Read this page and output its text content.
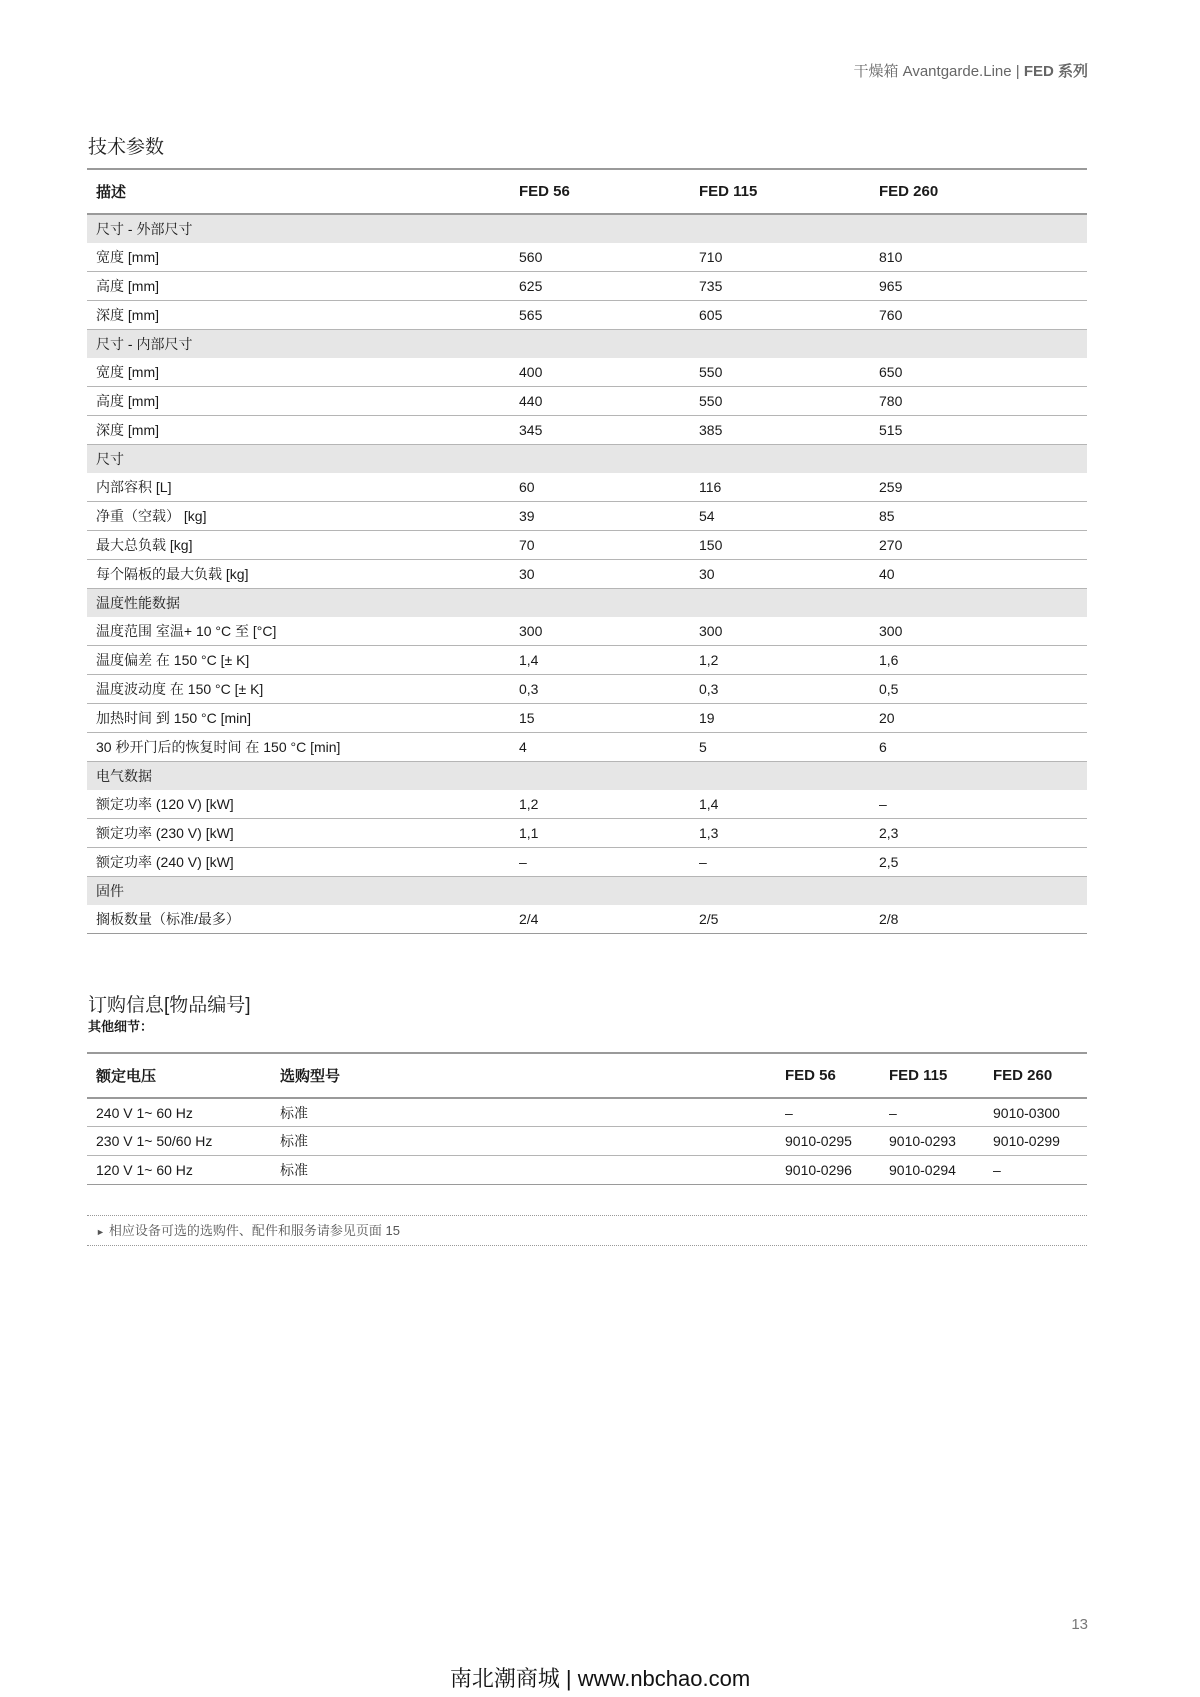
干燥箱 Avantgarde.Line | FED 系列
技术参数
描述	FED 56	FED 115	FED 260
尺寸 - 外部尺寸			
宽度 [mm]	560	710	810
高度 [mm]	625	735	965
深度 [mm]	565	605	760
尺寸 - 内部尺寸			
宽度 [mm]	400	550	650
高度 [mm]	440	550	780
深度 [mm]	345	385	515
尺寸			
内部容积 [L]	60	116	259
净重（空载） [kg]	39	54	85
最大总负载 [kg]	70	150	270
每个隔板的最大负载 [kg]	30	30	40
温度性能数据			
温度范围 室温+ 10 °C 至 [°C]	300	300	300
温度偏差 在 150 °C [± K]	1,4	1,2	1,6
温度波动度 在 150 °C [± K]	0,3	0,3	0,5
加热时间 到 150 °C [min]	15	19	20
30 秒开门后的恢复时间 在 150 °C [min]	4	5	6
电气数据			
额定功率 (120 V) [kW]	1,2	1,4	–
额定功率 (230 V) [kW]	1,1	1,3	2,3
额定功率 (240 V) [kW]	–	–	2,5
固件			
搁板数量（标准/最多）	2/4	2/5	2/8
订购信息[物品编号]
其他细节：
额定电压	选购型号	FED 56	FED 115	FED 260
240 V 1~ 60 Hz	标准	–	–	9010-0300
230 V 1~ 50/60 Hz	标准	9010-0295	9010-0293	9010-0299
120 V 1~ 60 Hz	标准	9010-0296	9010-0294	–
► 相应设备可选的选购件、配件和服务请参见页面 15
13
南北潮商城 | www.nbchao.com
